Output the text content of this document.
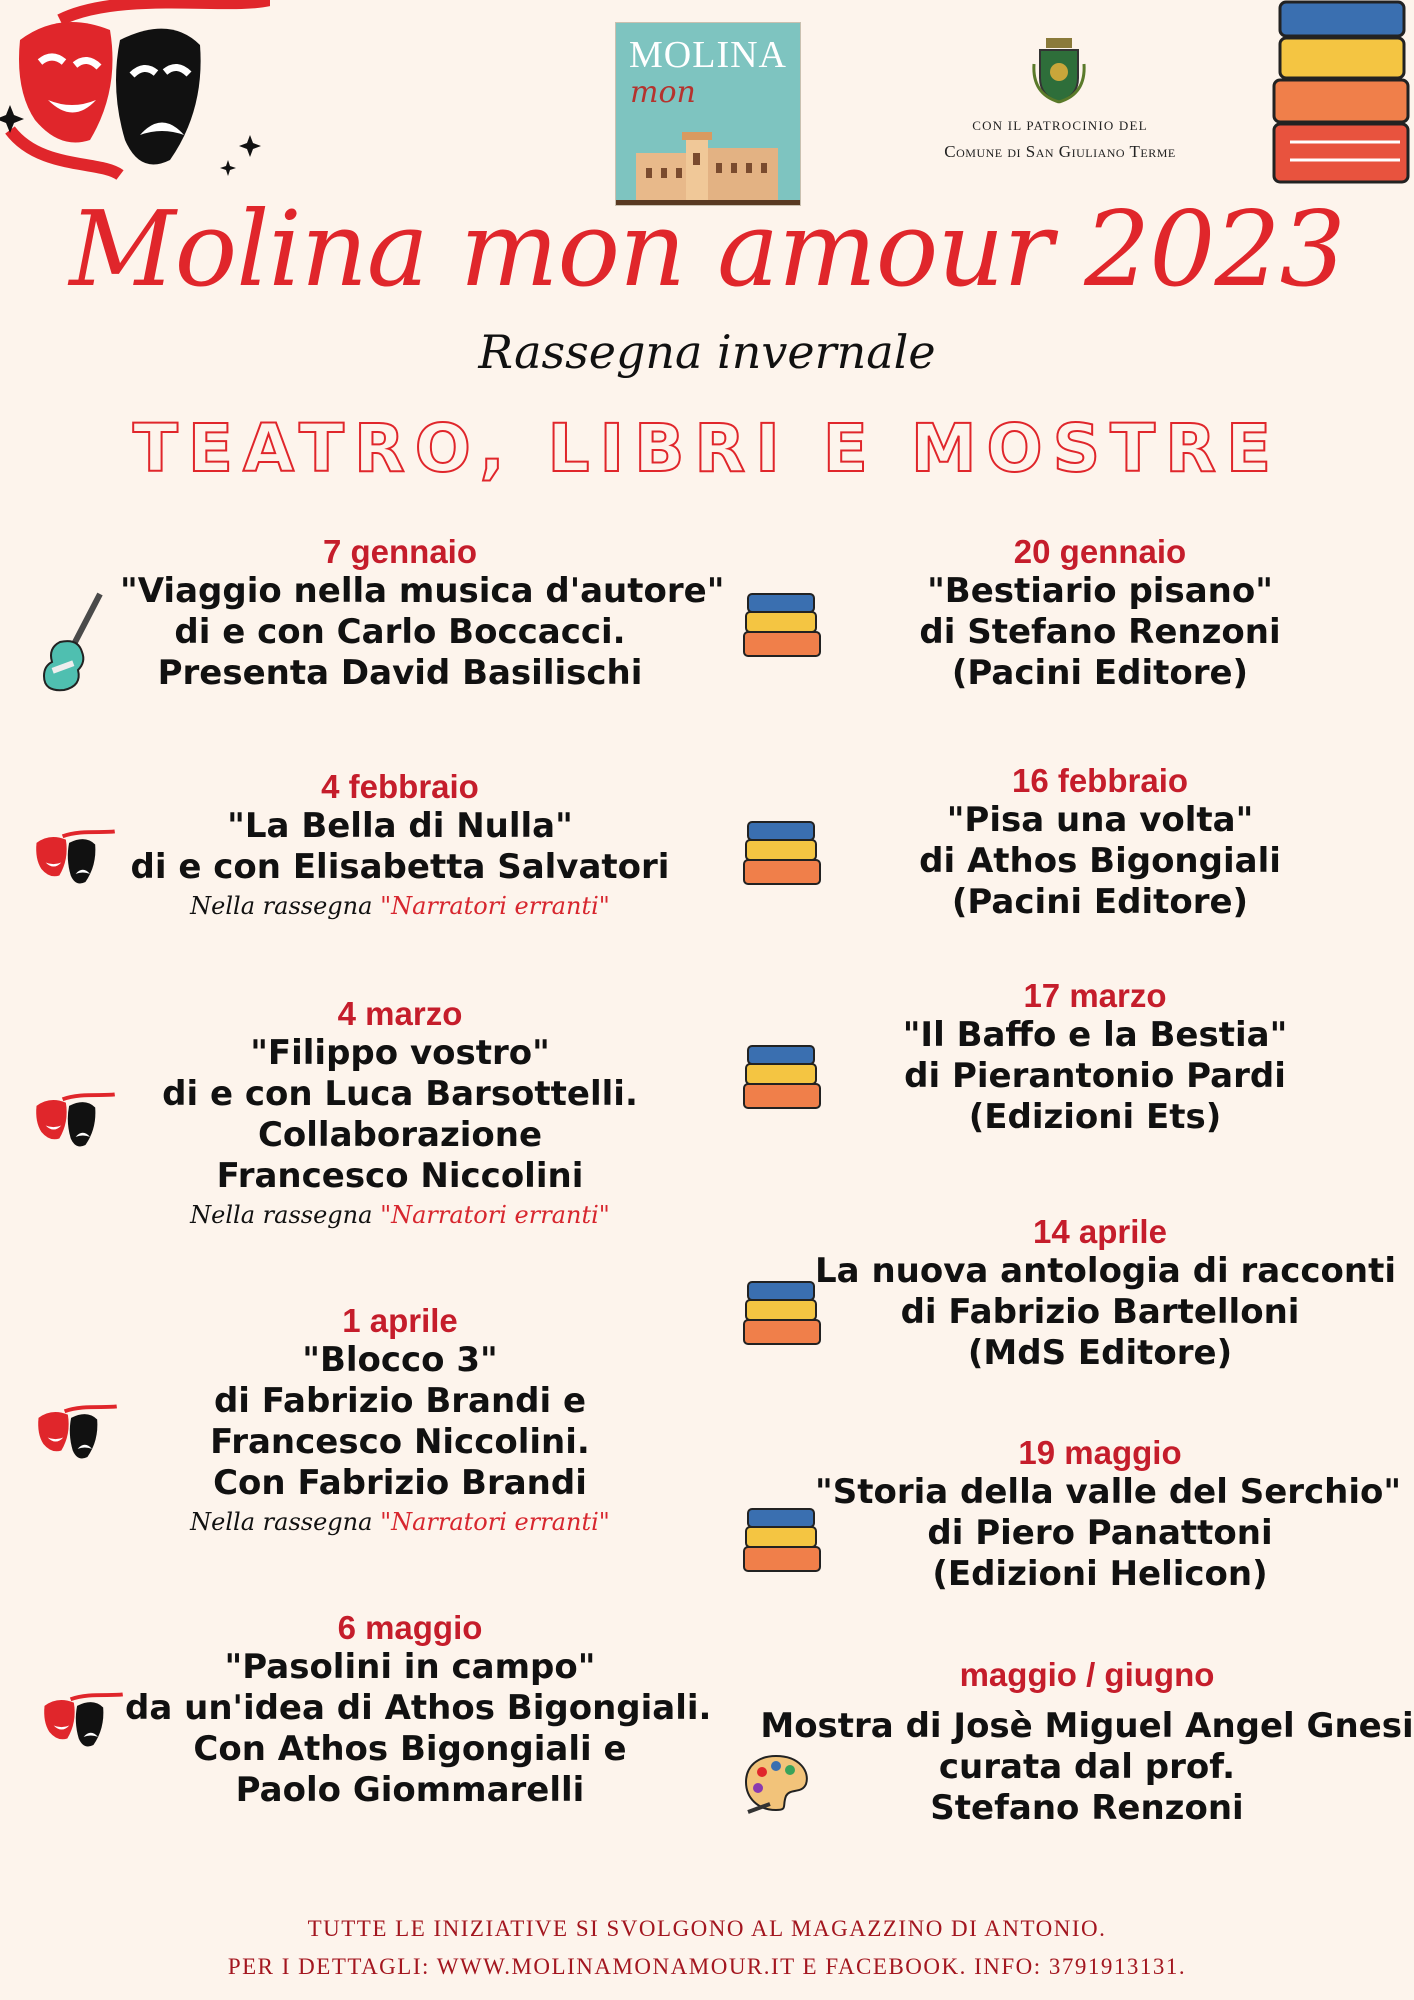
MOLINA
mon
CON IL PATROCINIO DEL
Comune di San Giuliano Terme
Molina mon amour 2023
Rassegna invernale
TEATRO, LIBRI E MOSTRE
7 gennaio
"Viaggio nella musica d'autore"
di e con Carlo Boccacci.
Presenta David Basilischi
4 febbraio
"La Bella di Nulla"
di e con Elisabetta Salvatori
Nella rassegna "Narratori erranti"
4 marzo
"Filippo vostro"
di e con Luca Barsottelli.
Collaborazione
Francesco Niccolini
Nella rassegna "Narratori erranti"
1 aprile
"Blocco 3"
di Fabrizio Brandi e
Francesco Niccolini.
Con Fabrizio Brandi
Nella rassegna "Narratori erranti"
6 maggio
"Pasolini in campo"
da un'idea di Athos Bigongiali.
Con Athos Bigongiali e
Paolo Giommarelli
20 gennaio
"Bestiario pisano"
di Stefano Renzoni
(Pacini Editore)
16 febbraio
"Pisa una volta"
di Athos Bigongiali
(Pacini Editore)
17 marzo
"Il Baffo e la Bestia"
di Pierantonio Pardi
(Edizioni Ets)
14 aprile
La nuova antologia di racconti
di Fabrizio Bartelloni
(MdS Editore)
19 maggio
"Storia della valle del Serchio"
di Piero Panattoni
(Edizioni Helicon)
maggio / giugno
Mostra di Josè Miguel Angel Gnesi
curata dal prof.
Stefano Renzoni
TUTTE LE INIZIATIVE SI SVOLGONO AL MAGAZZINO DI ANTONIO.
PER I DETTAGLI: WWW.MOLINAMONAMOUR.IT E FACEBOOK. INFO: 3791913131.
